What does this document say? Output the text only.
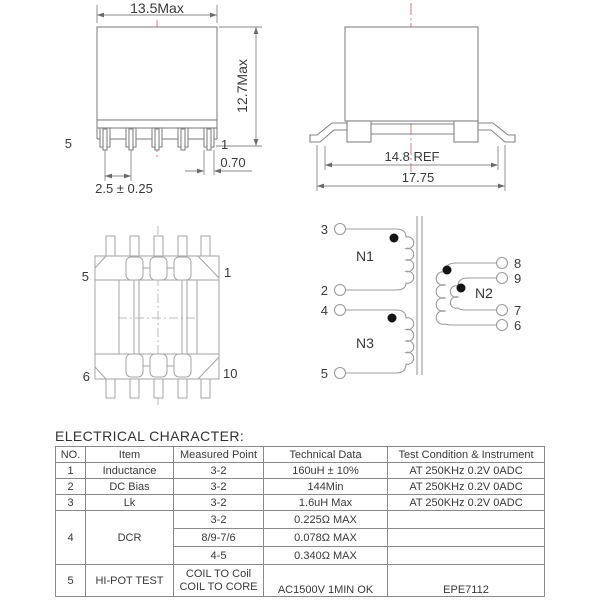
13.5Max
12.7Max
5	1
0.70
2.5 ± 0.25
14.8 REF
17.75
5	1
6	10
3
2
4
5
8
9
7
6
N1
N3
N2
ELECTRICAL CHARACTER:
NO.	Item	Measured Point	Technical Data	Test Condition & Instrument
1	Inductance	3-2	160uH ± 10%	AT 250KHz 0.2V 0ADC
2	DC Bias	3-2	144Min	AT 250KHz 0.2V 0ADC
3	Lk	3-2	1.6uH Max	AT 250KHz 0.2V 0ADC
4	DCR	3-2	0.225Ω MAX	
		8/9-7/6	0.078Ω MAX	
		4-5	0.340Ω MAX	
5	HI-POT TEST	COIL TO Coil
COIL TO CORE	AC1500V 1MIN OK	EPE7112
